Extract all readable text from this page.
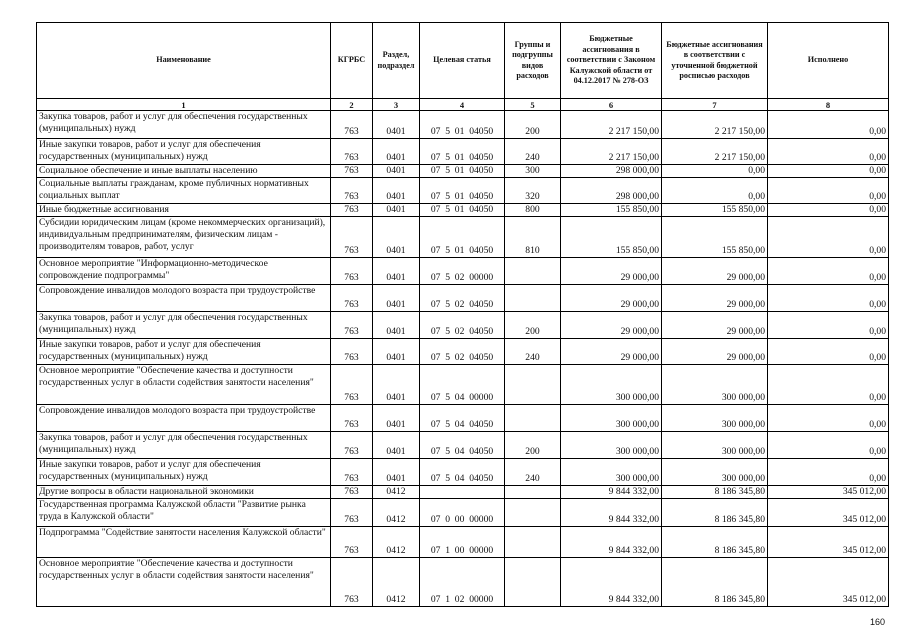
Наименование	КГРБС	Раздел, подраздел	Целевая статья	Группы и подгруппы видов расходов	Бюджетные ассигнования в соответствии с Законом Калужской области от 04.12.2017 № 278-ОЗ	Бюджетные ассигнования в соответствии с уточненной бюджетной росписью расходов	Исполнено
1	2	3	4	5	6	7	8
Закупка товаров, работ и услуг для обеспечения государственных (муниципальных) нужд	763	0401	07  5  01  04050	200	2 217 150,00	2 217 150,00	0,00
Иные закупки товаров, работ и услуг для обеспечения государственных (муниципальных) нужд	763	0401	07  5  01  04050	240	2 217 150,00	2 217 150,00	0,00
Социальное обеспечение и иные выплаты населению	763	0401	07  5  01  04050	300	298 000,00	0,00	0,00
Социальные выплаты гражданам, кроме публичных нормативных социальных выплат	763	0401	07  5  01  04050	320	298 000,00	0,00	0,00
Иные бюджетные ассигнования	763	0401	07  5  01  04050	800	155 850,00	155 850,00	0,00
Субсидии юридическим лицам (кроме некоммерческих организаций), индивидуальным предпринимателям, физическим лицам - производителям товаров, работ, услуг	763	0401	07  5  01  04050	810	155 850,00	155 850,00	0,00
Основное мероприятие "Информационно-методическое сопровождение подпрограммы"	763	0401	07  5  02  00000		29 000,00	29 000,00	0,00
Сопровождение инвалидов молодого возраста при трудоустройстве	763	0401	07  5  02  04050		29 000,00	29 000,00	0,00
Закупка товаров, работ и услуг для обеспечения государственных (муниципальных) нужд	763	0401	07  5  02  04050	200	29 000,00	29 000,00	0,00
Иные закупки товаров, работ и услуг для обеспечения государственных (муниципальных) нужд	763	0401	07  5  02  04050	240	29 000,00	29 000,00	0,00
Основное мероприятие "Обеспечение качества и доступности государственных услуг в области содействия занятости населения"	763	0401	07  5  04  00000		300 000,00	300 000,00	0,00
Сопровождение инвалидов молодого возраста при трудоустройстве	763	0401	07  5  04  04050		300 000,00	300 000,00	0,00
Закупка товаров, работ и услуг для обеспечения государственных (муниципальных) нужд	763	0401	07  5  04  04050	200	300 000,00	300 000,00	0,00
Иные закупки товаров, работ и услуг для обеспечения государственных (муниципальных) нужд	763	0401	07  5  04  04050	240	300 000,00	300 000,00	0,00
Другие вопросы в области национальной экономики	763	0412			9 844 332,00	8 186 345,80	345 012,00
Государственная программа Калужской области "Развитие рынка труда в Калужской области"	763	0412	07  0  00  00000		9 844 332,00	8 186 345,80	345 012,00
Подпрограмма "Содействие занятости населения Калужской области"	763	0412	07  1  00  00000		9 844 332,00	8 186 345,80	345 012,00
Основное мероприятие "Обеспечение качества и доступности государственных услуг в области содействия занятости населения"	763	0412	07  1  02  00000		9 844 332,00	8 186 345,80	345 012,00
160
